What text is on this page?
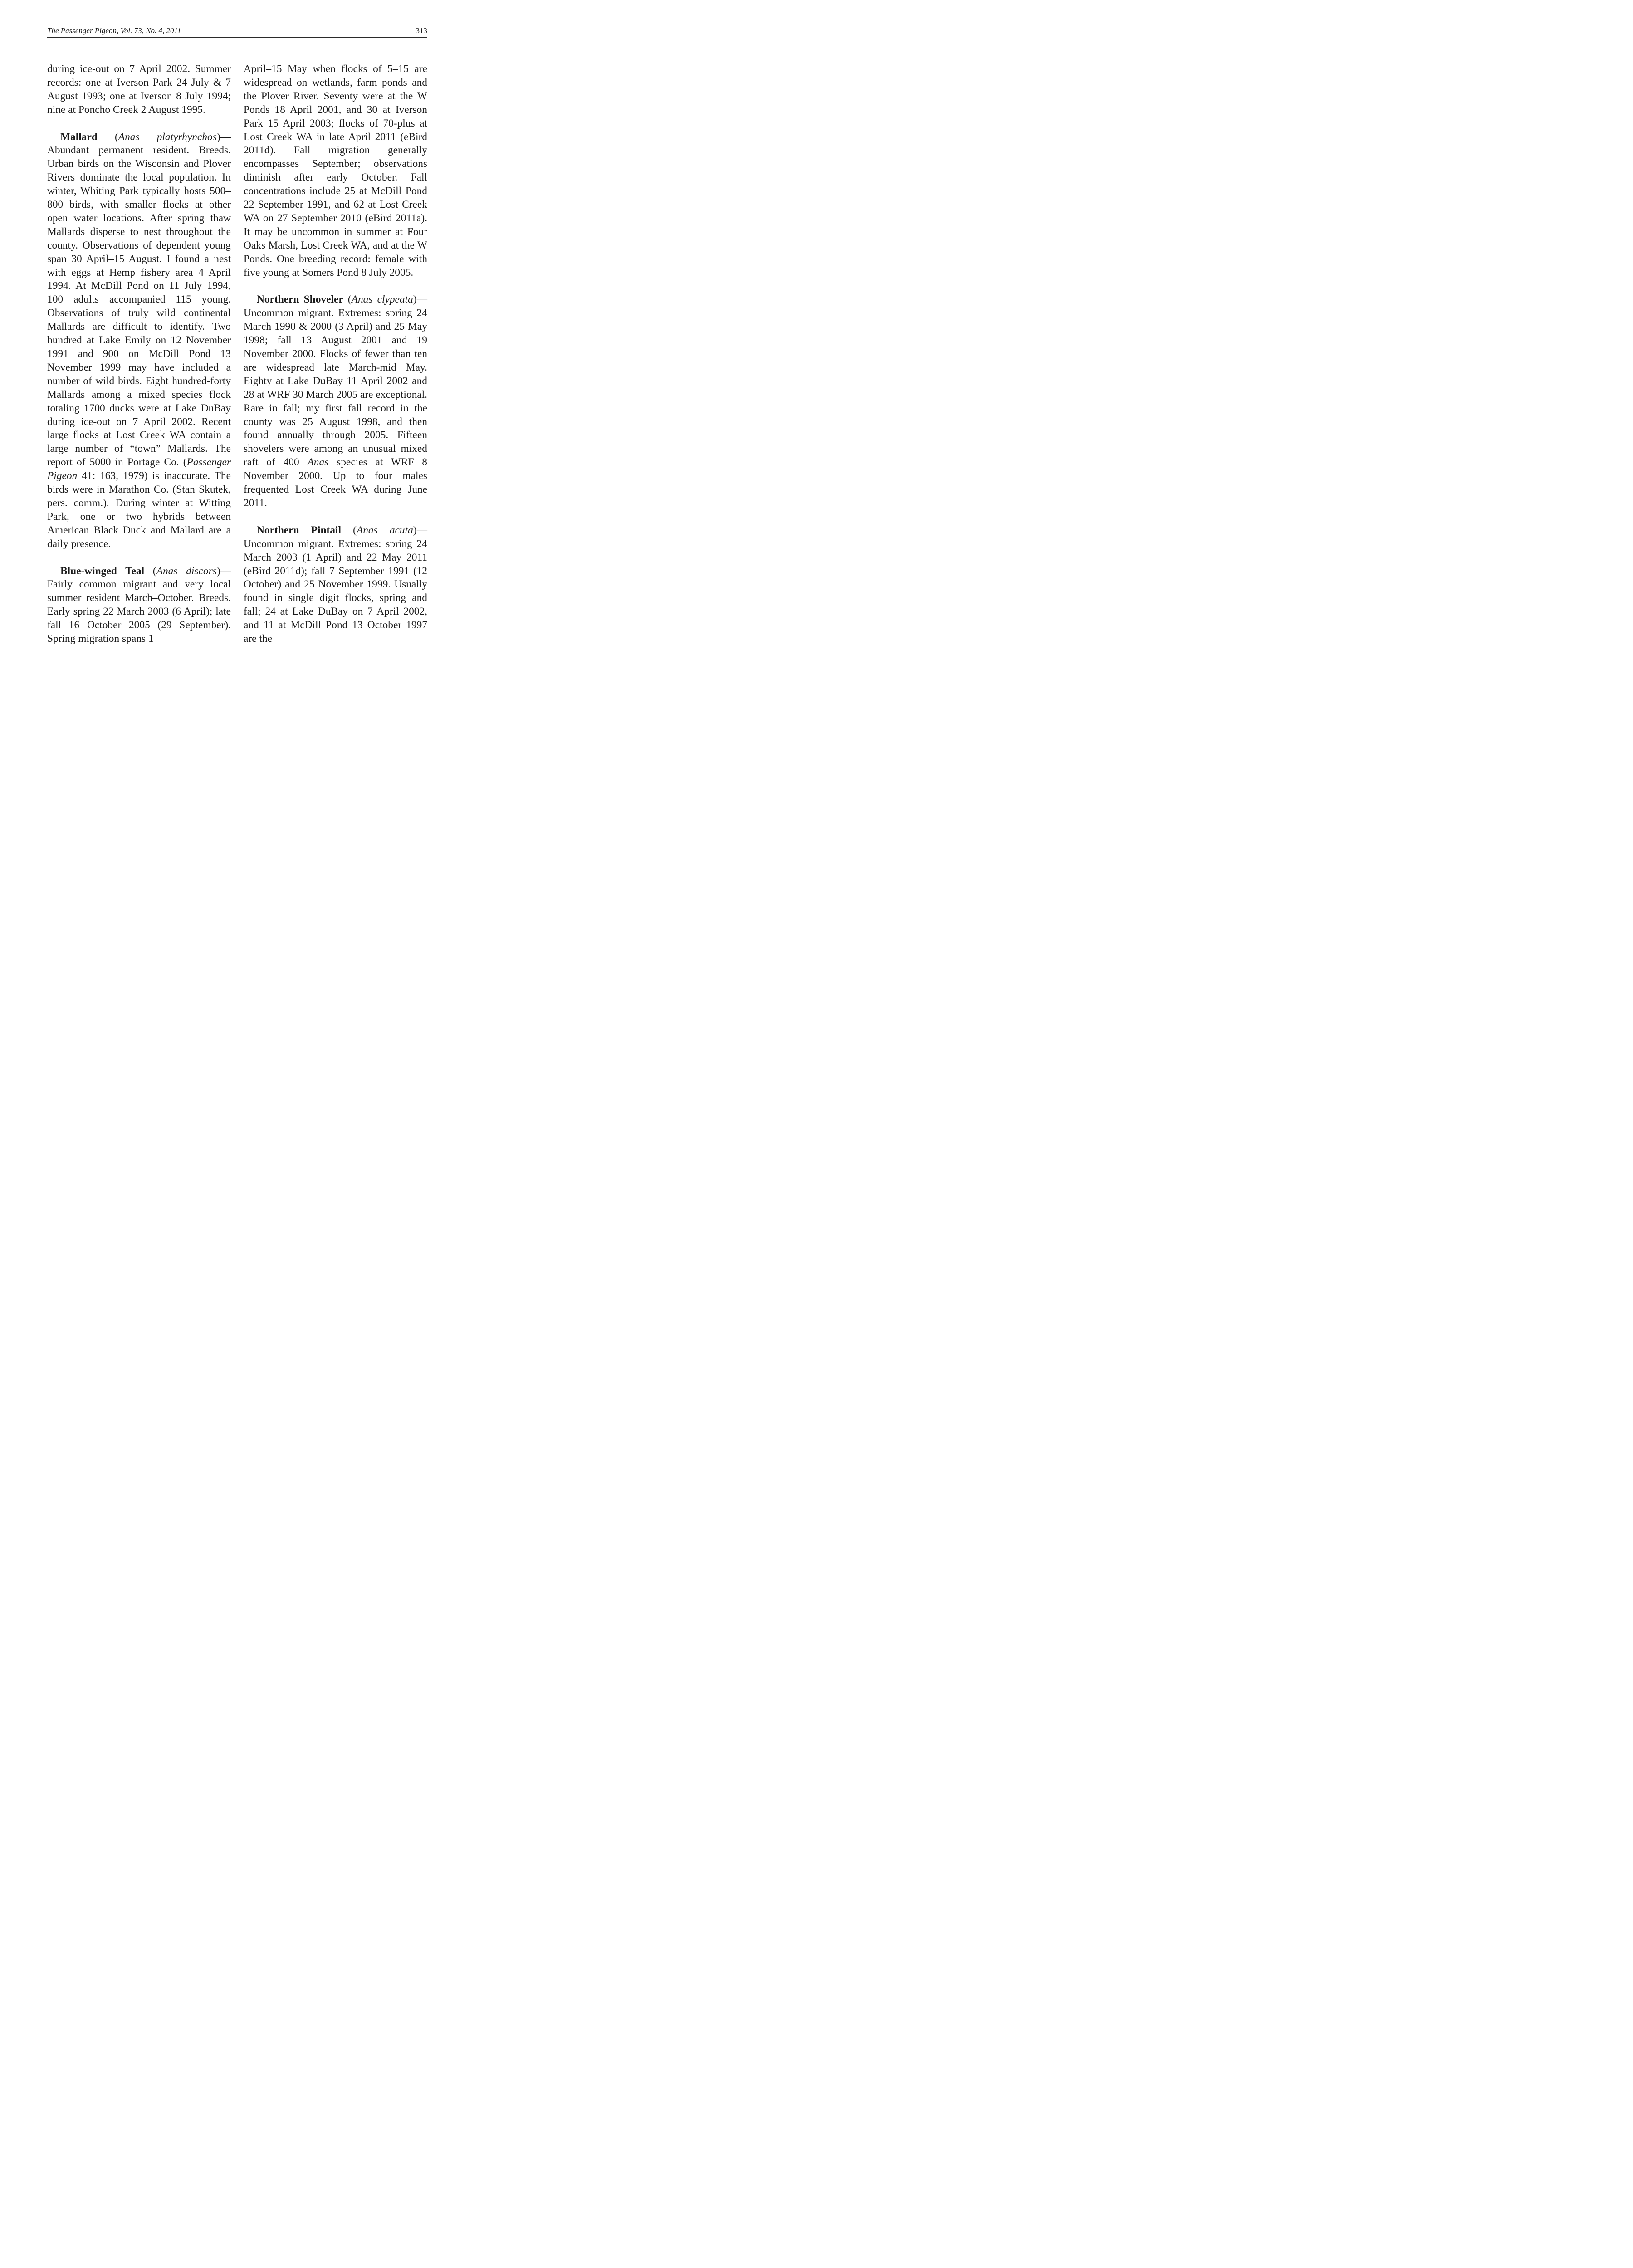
The Passenger Pigeon, Vol. 73, No. 4, 2011	313

during ice-out on 7 April 2002. Summer records: one at Iverson Park 24 July & 7 August 1993; one at Iverson 8 July 1994; nine at Poncho Creek 2 August 1995.

Mallard (Anas platyrhynchos)—Abundant permanent resident. Breeds. Urban birds on the Wisconsin and Plover Rivers dominate the local population. In winter, Whiting Park typically hosts 500–800 birds, with smaller flocks at other open water locations. After spring thaw Mallards disperse to nest throughout the county. Observations of dependent young span 30 April–15 August. I found a nest with eggs at Hemp fishery area 4 April 1994. At McDill Pond on 11 July 1994, 100 adults accompanied 115 young. Observations of truly wild continental Mallards are difficult to identify. Two hundred at Lake Emily on 12 November 1991 and 900 on McDill Pond 13 November 1999 may have included a number of wild birds. Eight hundred-forty Mallards among a mixed species flock totaling 1700 ducks were at Lake DuBay during ice-out on 7 April 2002. Recent large flocks at Lost Creek WA contain a large number of “town” Mallards. The report of 5000 in Portage Co. (Passenger Pigeon 41: 163, 1979) is inaccurate. The birds were in Marathon Co. (Stan Skutek, pers. comm.). During winter at Witting Park, one or two hybrids between American Black Duck and Mallard are a daily presence.

Blue-winged Teal (Anas discors)—Fairly common migrant and very local summer resident March–October. Breeds. Early spring 22 March 2003 (6 April); late fall 16 October 2005 (29 September). Spring migration spans 1

April–15 May when flocks of 5–15 are widespread on wetlands, farm ponds and the Plover River. Seventy were at the W Ponds 18 April 2001, and 30 at Iverson Park 15 April 2003; flocks of 70-plus at Lost Creek WA in late April 2011 (eBird 2011d). Fall migration generally encompasses September; observations diminish after early October. Fall concentrations include 25 at McDill Pond 22 September 1991, and 62 at Lost Creek WA on 27 September 2010 (eBird 2011a). It may be uncommon in summer at Four Oaks Marsh, Lost Creek WA, and at the W Ponds. One breeding record: female with five young at Somers Pond 8 July 2005.

Northern Shoveler (Anas clypeata)—Uncommon migrant. Extremes: spring 24 March 1990 & 2000 (3 April) and 25 May 1998; fall 13 August 2001 and 19 November 2000. Flocks of fewer than ten are widespread late March-mid May. Eighty at Lake DuBay 11 April 2002 and 28 at WRF 30 March 2005 are exceptional. Rare in fall; my first fall record in the county was 25 August 1998, and then found annually through 2005. Fifteen shovelers were among an unusual mixed raft of 400 Anas species at WRF 8 November 2000. Up to four males frequented Lost Creek WA during June 2011.

Northern Pintail (Anas acuta)—Uncommon migrant. Extremes: spring 24 March 2003 (1 April) and 22 May 2011 (eBird 2011d); fall 7 September 1991 (12 October) and 25 November 1999. Usually found in single digit flocks, spring and fall; 24 at Lake DuBay on 7 April 2002, and 11 at McDill Pond 13 October 1997 are the
